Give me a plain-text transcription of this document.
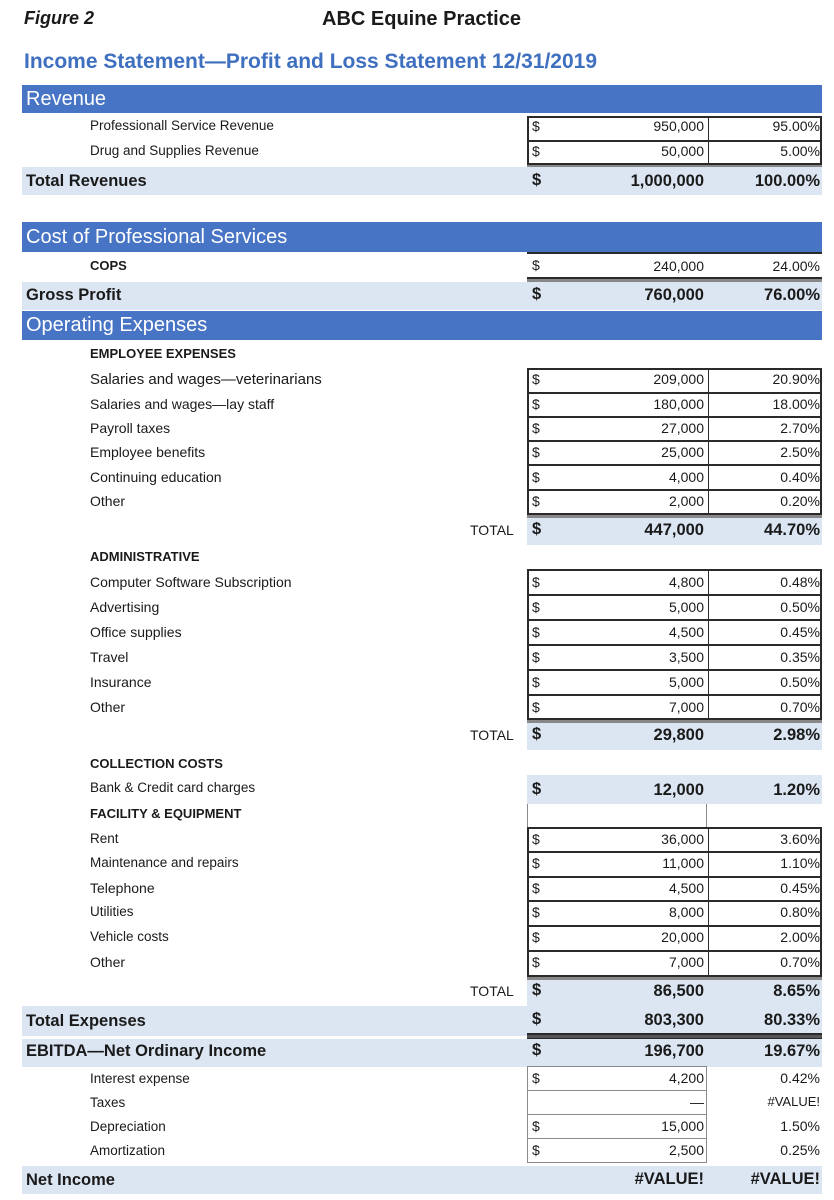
Figure 2	ABC Equine Practice
Income Statement—Profit and Loss Statement 12/31/2019
Revenue
Professionall Service Revenue	$	950,000	95.00%
Drug and Supplies Revenue	$	50,000	5.00%
Total Revenues	$	1,000,000	100.00%
Cost of Professional Services
COPS	$	240,000	24.00%
Gross Profit	$	760,000	76.00%
Operating Expenses
EMPLOYEE EXPENSES
Salaries and wages—veterinarians	$	209,000	20.90%
Salaries and wages—lay staff	$	180,000	18.00%
Payroll taxes	$	27,000	2.70%
Employee benefits	$	25,000	2.50%
Continuing education	$	4,000	0.40%
Other	$	2,000	0.20%
TOTAL $	447,000	44.70%
ADMINISTRATIVE
Computer Software Subscription	$	4,800	0.48%
Advertising	$	5,000	0.50%
Office supplies	$	4,500	0.45%
Travel	$	3,500	0.35%
Insurance	$	5,000	0.50%
Other	$	7,000	0.70%
TOTAL $	29,800	2.98%
COLLECTION COSTS
Bank & Credit card charges	$	12,000	1.20%
FACILITY & EQUIPMENT
Rent	$	36,000	3.60%
Maintenance and repairs	$	11,000	1.10%
Telephone	$	4,500	0.45%
Utilities	$	8,000	0.80%
Vehicle costs	$	20,000	2.00%
Other	$	7,000	0.70%
TOTAL $	86,500	8.65%
Total Expenses	$	803,300	80.33%
EBITDA—Net Ordinary Income	$	196,700	19.67%
Interest expense	$	4,200	0.42%
Taxes	—	#VALUE!
Depreciation	$	15,000	1.50%
Amortization	$	2,500	0.25%
Net Income	#VALUE!	#VALUE!
